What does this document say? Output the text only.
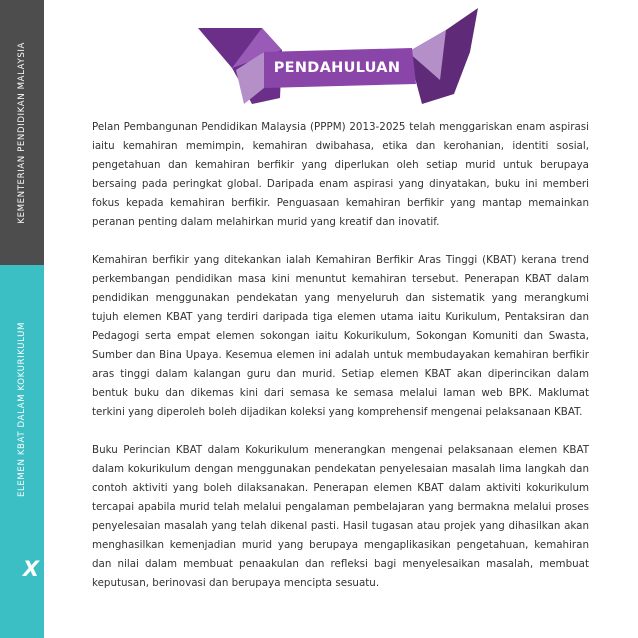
KEMENTERIAN PENDIDIKAN MALAYSIA
ELEMEN KBAT DALAM KOKURIKULUM
X
PENDAHULUAN

Pelan Pembangunan Pendidikan Malaysia (PPPM) 2013-2025 telah menggariskan enam aspirasi iaitu kemahiran memimpin, kemahiran dwibahasa, etika dan kerohanian, identiti sosial, pengetahuan dan kemahiran berfikir yang diperlukan oleh setiap murid untuk berupaya bersaing pada peringkat global. Daripada enam aspirasi yang dinyatakan, buku ini memberi fokus kepada kemahiran berfikir. Penguasaan kemahiran berfikir yang mantap memainkan peranan penting dalam melahirkan murid yang kreatif dan inovatif.

Kemahiran berfikir yang ditekankan ialah Kemahiran Berfikir Aras Tinggi (KBAT) kerana trend perkembangan pendidikan masa kini menuntut kemahiran tersebut. Penerapan KBAT dalam pendidikan menggunakan pendekatan yang menyeluruh dan sistematik yang merangkumi tujuh elemen KBAT yang terdiri daripada tiga elemen utama iaitu Kurikulum, Pentaksiran dan Pedagogi serta empat elemen sokongan iaitu Kokurikulum, Sokongan Komuniti dan Swasta, Sumber dan Bina Upaya. Kesemua elemen ini adalah untuk membudayakan kemahiran berfikir aras tinggi dalam kalangan guru dan murid. Setiap elemen KBAT akan diperincikan dalam bentuk buku dan dikemas kini dari semasa ke semasa melalui laman web BPK. Maklumat terkini yang diperoleh boleh dijadikan koleksi yang komprehensif mengenai pelaksanaan KBAT.

Buku Perincian KBAT dalam Kokurikulum menerangkan mengenai pelaksanaan elemen KBAT dalam kokurikulum dengan menggunakan pendekatan penyelesaian masalah lima langkah dan contoh aktiviti yang boleh dilaksanakan. Penerapan elemen KBAT dalam aktiviti kokurikulum tercapai apabila murid telah melalui pengalaman pembelajaran yang bermakna melalui proses penyelesaian masalah yang telah dikenal pasti. Hasil tugasan atau projek yang dihasilkan akan menghasilkan kemenjadian murid yang berupaya mengaplikasikan pengetahuan, kemahiran dan nilai dalam membuat penaakulan dan refleksi bagi menyelesaikan masalah, membuat keputusan, berinovasi dan berupaya mencipta sesuatu.
